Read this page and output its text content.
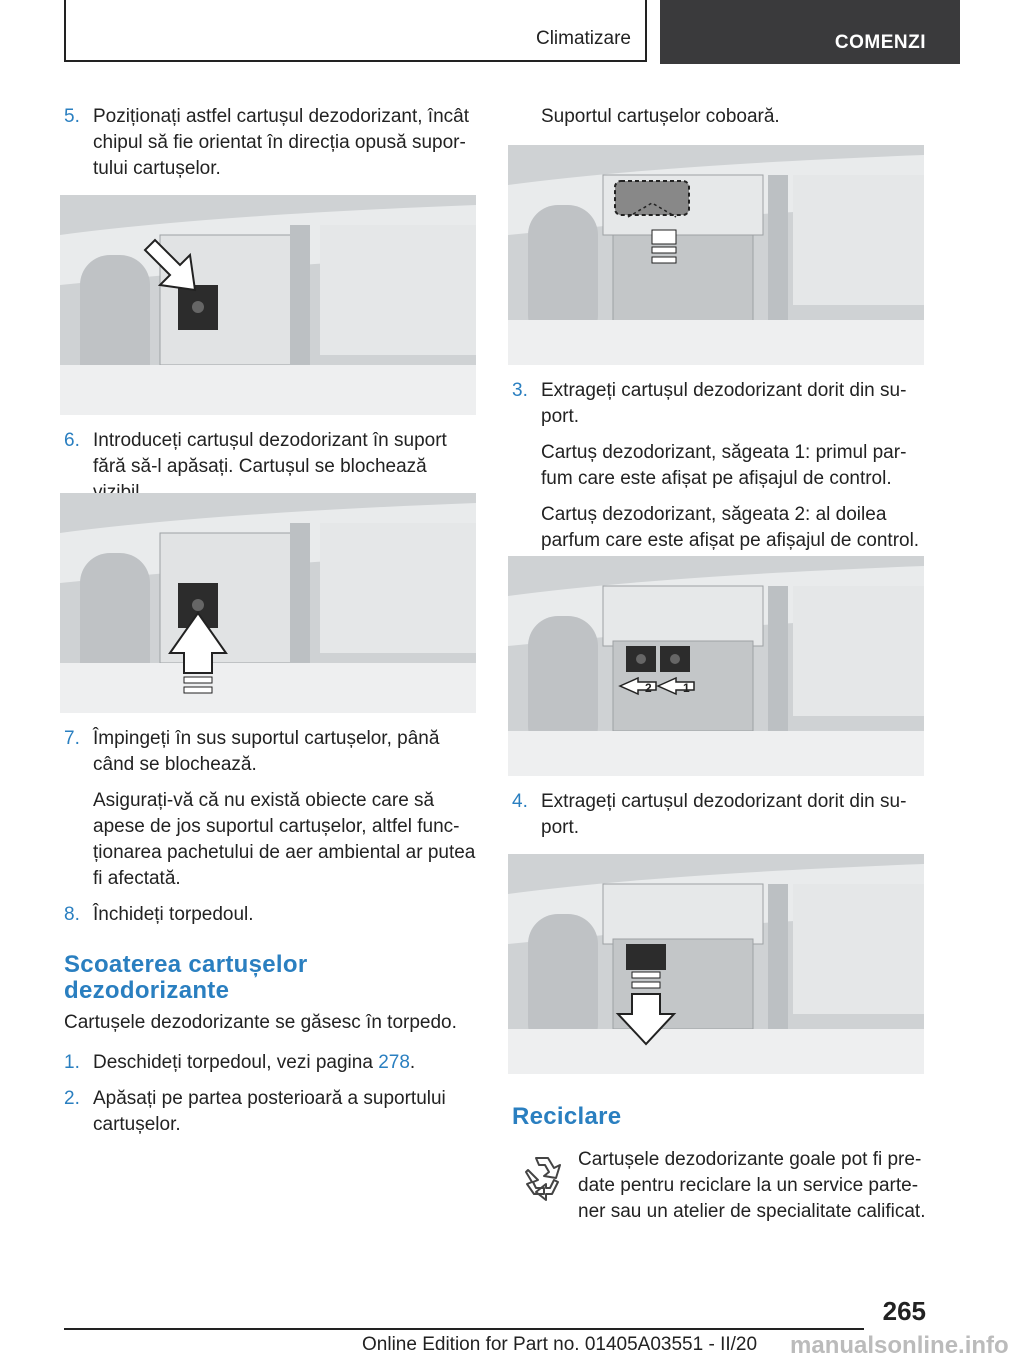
Climatizare	COMENZI
5. Poziționați astfel cartușul dezodorizant, încât chipul să fie orientat în direcția opusă suportului cartușelor.
6. Introduceți cartușul dezodorizant în suport fără să-l apăsați. Cartușul se blochează
7. Împingeți în sus suportul cartușelor, până când se blochează.
Asigurați-vă că nu există obiecte care să apese de jos suportul cartușelor, altfel funcționarea pachetului de aer ambiental ar putea fi afectată.
8. Închideți torpedoul.
Scoaterea cartușelor dezodorizante
Cartușele dezodorizante se găsesc în torpedo.
1. Deschideți torpedoul, vezi pagina 278.
2. Apăsați pe partea posterioară a suportului cartușelor.
Suportul cartușelor coboară.
3. Extrageți cartușul dezodorizant dorit din suport.
Cartuș dezodorizant, săgeata 1: primul parfum care este afișat pe afișajul de control.
Cartuș dezodorizant, săgeata 2: al doilea parfum care este afișat pe afișajul de control.
2	1
4. Extrageți cartușul dezodorizant dorit din suport.
Reciclare
Cartușele dezodorizante goale pot fi predate pentru reciclare la un service partener sau un atelier de specialitate calificat.
265
Online Edition for Part no. 01405A03551 - II/20 manualsonline.info
